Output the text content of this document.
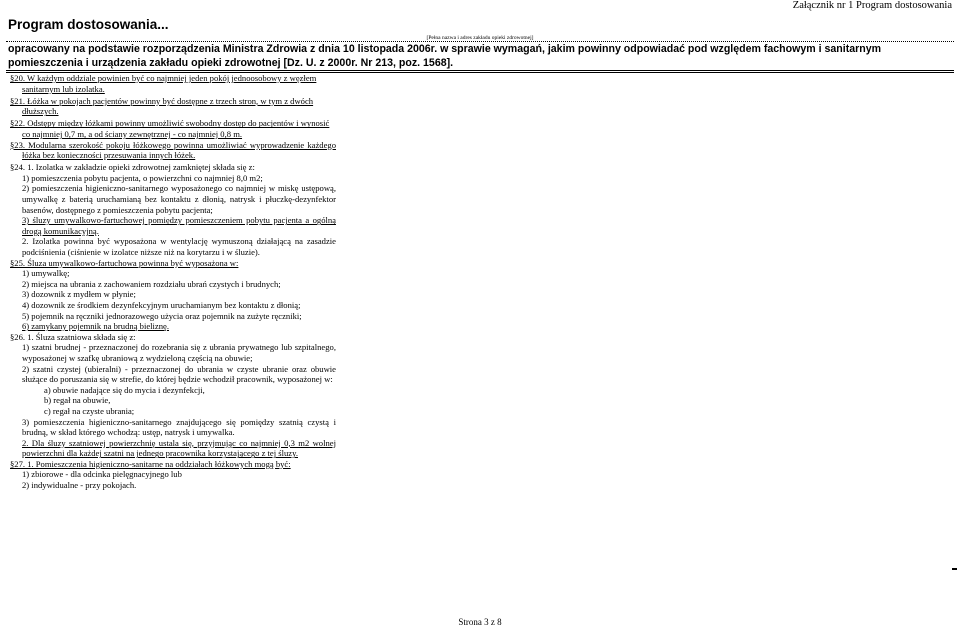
Załącznik nr 1 Program dostosowania
Program dostosowania...
[Pełna nazwa i adres zakładu opieki zdrowotnej]
opracowany na podstawie rozporządzenia Ministra Zdrowia z dnia 10 listopada 2006r. w sprawie wymagań, jakim powinny odpowiadać pod względem fachowym i sanitarnym pomieszczenia i urządzenia zakładu opieki zdrowotnej [Dz. U. z 2000r. Nr 213, poz. 1568].

§20. W każdym oddziale powinien być co najmniej jeden pokój jednoosobowy z węzłem sanitarnym lub izolatka.

§21. Łóżka w pokojach pacjentów powinny być dostępne z trzech stron, w tym z dwóch dłuższych.

§22. Odstępy między łóżkami powinny umożliwić swobodny dostęp do pacjentów i wynosić co najmniej 0,7 m, a od ściany zewnętrznej - co najmniej 0,8 m.

§23. Modularna szerokość pokoju łóżkowego powinna umożliwiać wyprowadzenie każdego łóżka bez konieczności przesuwania innych łóżek.

§24. 1. Izolatka w zakładzie opieki zdrowotnej zamkniętej składa się z:

1) pomieszczenia pobytu pacjenta, o powierzchni co najmniej 8,0 m2;

2) pomieszczenia higieniczno-sanitarnego wyposażonego co najmniej w miskę ustępową, umywalkę z baterią uruchamianą bez kontaktu z dłonią, natrysk i płuczkę-dezynfektor basenów, dostępnego z pomieszczenia pobytu pacjenta;

3) śluzy umywalkowo-fartuchowej pomiędzy pomieszczeniem pobytu pacjenta a ogólną drogą komunikacyjną.

2. Izolatka powinna być wyposażona w wentylację wymuszoną działającą na zasadzie podciśnienia (ciśnienie w izolatce niższe niż na korytarzu i w śluzie).

§25. Śluza umywalkowo-fartuchowa powinna być wyposażona w:

1) umywalkę;

2) miejsca na ubrania z zachowaniem rozdziału ubrań czystych i brudnych;

3) dozownik z mydłem w płynie;

4) dozownik ze środkiem dezynfekcyjnym uruchamianym bez kontaktu z dłonią;

5) pojemnik na ręczniki jednorazowego użycia oraz pojemnik na zużyte ręczniki;

6) zamykany pojemnik na brudną bieliznę.

§26. 1. Śluza szatniowa składa się z:

1) szatni brudnej - przeznaczonej do rozebrania się z ubrania prywatnego lub szpitalnego, wyposażonej w szafkę ubraniową z wydzieloną częścią na obuwie;

2) szatni czystej (ubieralni) - przeznaczonej do ubrania w czyste ubranie oraz obuwie służące do poruszania się w strefie, do której będzie wchodził pracownik, wyposażonej w:

a) obuwie nadające się do mycia i dezynfekcji,

b) regał na obuwie,

c) regał na czyste ubrania;

3) pomieszczenia higieniczno-sanitarnego znajdującego się pomiędzy szatnią czystą i brudną, w skład którego wchodzą: ustęp, natrysk i umywalka.

2. Dla śluzy szatniowej powierzchnię ustala się, przyjmując co najmniej 0,3 m2 wolnej powierzchni dla każdej szatni na jednego pracownika korzystającego z tej śluzy.

§27. 1. Pomieszczenia higieniczno-sanitarne na oddziałach łóżkowych mogą być:

1) zbiorowe - dla odcinka pielęgnacyjnego lub

2) indywidualne - przy pokojach.

Strona 3 z 8
